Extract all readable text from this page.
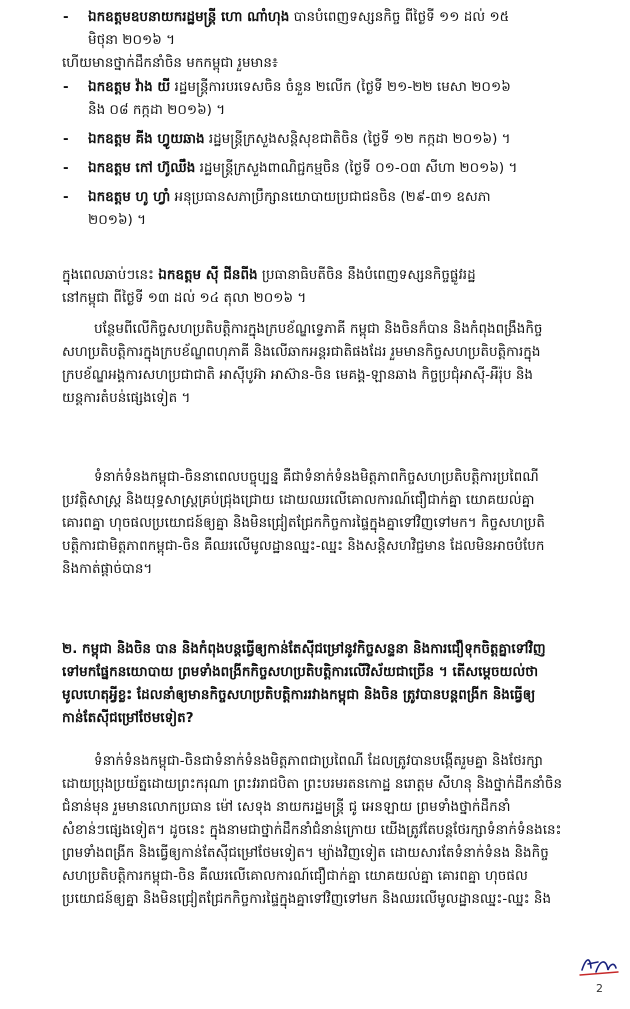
- ឯកឧត្តមឧបនាយករដ្ឋមន្ត្រី ហោ ណាំហុង បានបំពេញទស្សនកិច្ច ពីថ្ងៃទី ១១ ដល់ ១៥
មិថុនា ២០១៦ ។
ហើយមានថ្នាក់ដឹកនាំចិន មកកម្ពុជា រួមមាន៖
- ឯកឧត្តម វ៉ាង យី រដ្ឋមន្ត្រីការបរទេសចិន ចំនួន ២លើក (ថ្ងៃទី ២១-២២ មេសា ២០១៦
និង ០៨ កក្កដា ២០១៦) ។
- ឯកឧត្តម គីង ហ្វូយឆាង រដ្ឋមន្ត្រីក្រសួងសន្តិសុខជាតិចិន (ថ្ងៃទី ១២ កក្កដា ២០១៦) ។
- ឯកឧត្តម កៅ ហ៊ូឈឹង រដ្ឋមន្ត្រីក្រសួងពាណិជ្ជកម្មចិន (ថ្ងៃទី ០១-០៣ សីហា ២០១៦) ។
- ឯកឧត្តម ហូ ហ្វាំ អនុប្រធានសភាប្រឹក្សានយោបាយប្រជាជនចិន (២៩-៣១ ឧសភា
២០១៦) ។
ក្នុងពេលឆាប់ៗនេះ ឯកឧត្តម ស៊ី ជីនពីង ប្រធានាធិបតីចិន នឹងបំពេញទស្សនកិច្ចផ្លូវរដ្ឋ
នៅកម្ពុជា ពីថ្ងៃទី ១៣ ដល់ ១៤ តុលា ២០១៦ ។
បន្ថែមពីលើកិច្ចសហប្រតិបត្តិការក្នុងក្របខ័ណ្ឌទ្វេភាគី កម្ពុជា និងចិនក៏បាន និងកំពុងពង្រឹងកិច្ច
សហប្រតិបត្តិការក្នុងក្របខ័ណ្ឌពហុភាគី និងលើឆាកអន្តរជាតិផងដែរ រួមមានកិច្ចសហប្រតិបត្តិការក្នុង
ក្របខ័ណ្ឌអង្គការសហប្រជាជាតិ អាស៊ីបូអ៊ា អាស៊ាន-ចិន មេគង្គ-ឡានឆាង កិច្ចប្រជុំអាស៊ី-អឺរ៉ុប និង
យន្តការតំបន់ផ្សេងទៀត ។
ទំនាក់ទំនងកម្ពុជា-ចិននាពេលបច្ចុប្បន្ន គឺជាទំនាក់ទំនងមិត្តភាពកិច្ចសហប្រតិបត្តិការប្រពៃណី
ប្រវត្តិសាស្ត្រ និងយុទ្ធសាស្ត្រគ្រប់ជ្រុងជ្រោយ ដោយឈរលើគោលការណ៍ជឿជាក់គ្នា យោគយល់គ្នា
គោរពគ្នា ហុចផលប្រយោជន៍ឲ្យគ្នា និងមិនជ្រៀតជ្រែកកិច្ចការផ្ទៃក្នុងគ្នាទៅវិញទៅមក។ កិច្ចសហប្រតិ
បត្តិការជាមិត្តភាពកម្ពុជា-ចិន គឺឈរលើមូលដ្ឋានឈ្នះ-ឈ្នះ និងសន្តិសហវិជ្ជមាន ដែលមិនអាចបំបែក
និងកាត់ផ្តាច់បាន។
២. កម្ពុជា និងចិន បាន និងកំពុងបន្តធ្វើឲ្យកាន់តែស៊ីជម្រៅនូវកិច្ចសន្ទនា និងការជឿទុកចិត្តគ្នាទៅវិញ
ទៅមកផ្នែកនយោបាយ ព្រមទាំងពង្រីកកិច្ចសហប្រតិបត្តិការលើវិស័យជាច្រើន ។ តើសម្តេចយល់ថា
មូលហេតុអ្វីខ្លះ ដែលនាំឲ្យមានកិច្ចសហប្រតិបត្តិការរវាងកម្ពុជា និងចិន ត្រូវបានបន្តពង្រីក និងធ្វើឲ្យ
កាន់តែស៊ីជម្រៅថែមទៀត?
ទំនាក់ទំនងកម្ពុជា-ចិនជាទំនាក់ទំនងមិត្តភាពជាប្រពៃណី ដែលត្រូវបានបង្កើតរួមគ្នា និងថែរក្សា
ដោយប្រុងប្រយ័ត្នដោយព្រះករុណា ព្រះវររាជបិតា ព្រះបរមរតនកោដ្ឋ នរោត្តម សីហនុ និងថ្នាក់ដឹកនាំចិន
ជំនាន់មុន រួមមានលោកប្រធាន ម៉ៅ សេទុង នាយករដ្ឋមន្ត្រី ជូ អេនឡាយ ព្រមទាំងថ្នាក់ដឹកនាំ
សំខាន់ៗផ្សេងទៀត។ ដូចនេះ ក្នុងនាមជាថ្នាក់ដឹកនាំជំនាន់ក្រោយ យើងត្រូវតែបន្តថែរក្សាទំនាក់ទំនងនេះ
ព្រមទាំងពង្រីក និងធ្វើឲ្យកាន់តែស៊ីជម្រៅថែមទៀត។ ម្យ៉ាងវិញទៀត ដោយសារតែទំនាក់ទំនង និងកិច្ច
សហប្រតិបត្តិការកម្ពុជា-ចិន គឺឈរលើគោលការណ៍ជឿជាក់គ្នា យោគយល់គ្នា គោរពគ្នា ហុចផល
ប្រយោជន៍ឲ្យគ្នា និងមិនជ្រៀតជ្រែកកិច្ចការផ្ទៃក្នុងគ្នាទៅវិញទៅមក និងឈរលើមូលដ្ឋានឈ្នះ-ឈ្នះ និង
2
